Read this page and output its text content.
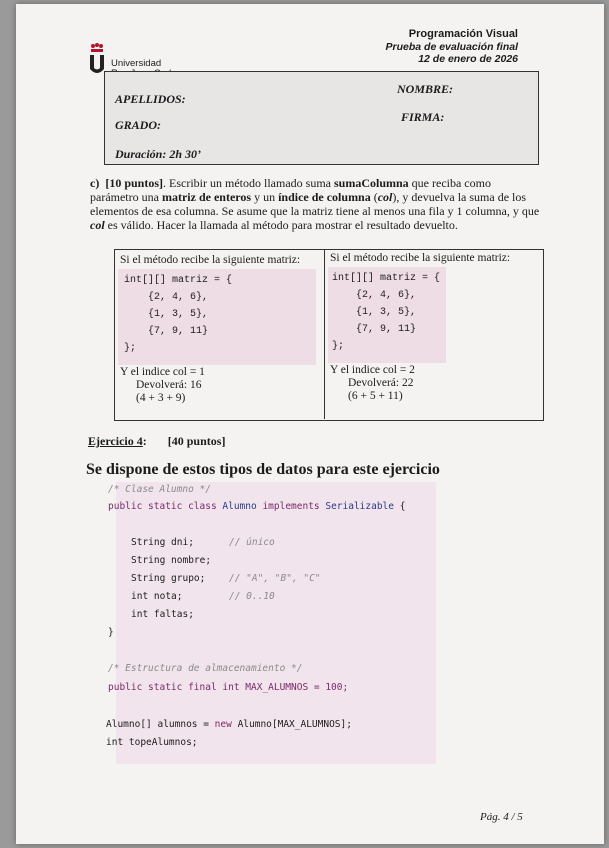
Universidad
Programación Visual
Prueba de evaluación final
12 de enero de 2026
APELLIDOS:
NOMBRE:
GRADO:
FIRMA:
Duración: 2h 30’
c) [10 puntos]. Escribir un método llamado suma sumaColumna que reciba como parámetro una matriz de enteros y un índice de columna (col), y devuelva la suma de los elementos de esa columna. Se asume que la matriz tiene al menos una fila y 1 columna, y que col es válido. Hacer la llamada al método para mostrar el resultado devuelto.
Si el método recibe la siguiente matriz:
int[][] matriz = {
{2, 4, 6},
{1, 3, 5},
{7, 9, 11}
};
Y el indice col = 1
Devolverá: 16
(4 + 3 + 9)
Si el método recibe la siguiente matriz:
int[][] matriz = {
{2, 4, 6},
{1, 3, 5},
{7, 9, 11}
};
Y el indice col = 2
Devolverá: 22
(6 + 5 + 11)
Ejercicio 4: [40 puntos]
Se dispone de estos tipos de datos para este ejercicio
/* Clase Alumno */
public static class Alumno implements Serializable {
String dni;	// único
String nombre;
String grupo; // "A", "B", "C"
int nota;	// 0..10
int faltas;
}
/* Estructura de almacenamiento */
public static final int MAX_ALUMNOS = 100;
Alumno[] alumnos = new Alumno[MAX_ALUMNOS];
int topeAlumnos;
Pág. 4 / 5
